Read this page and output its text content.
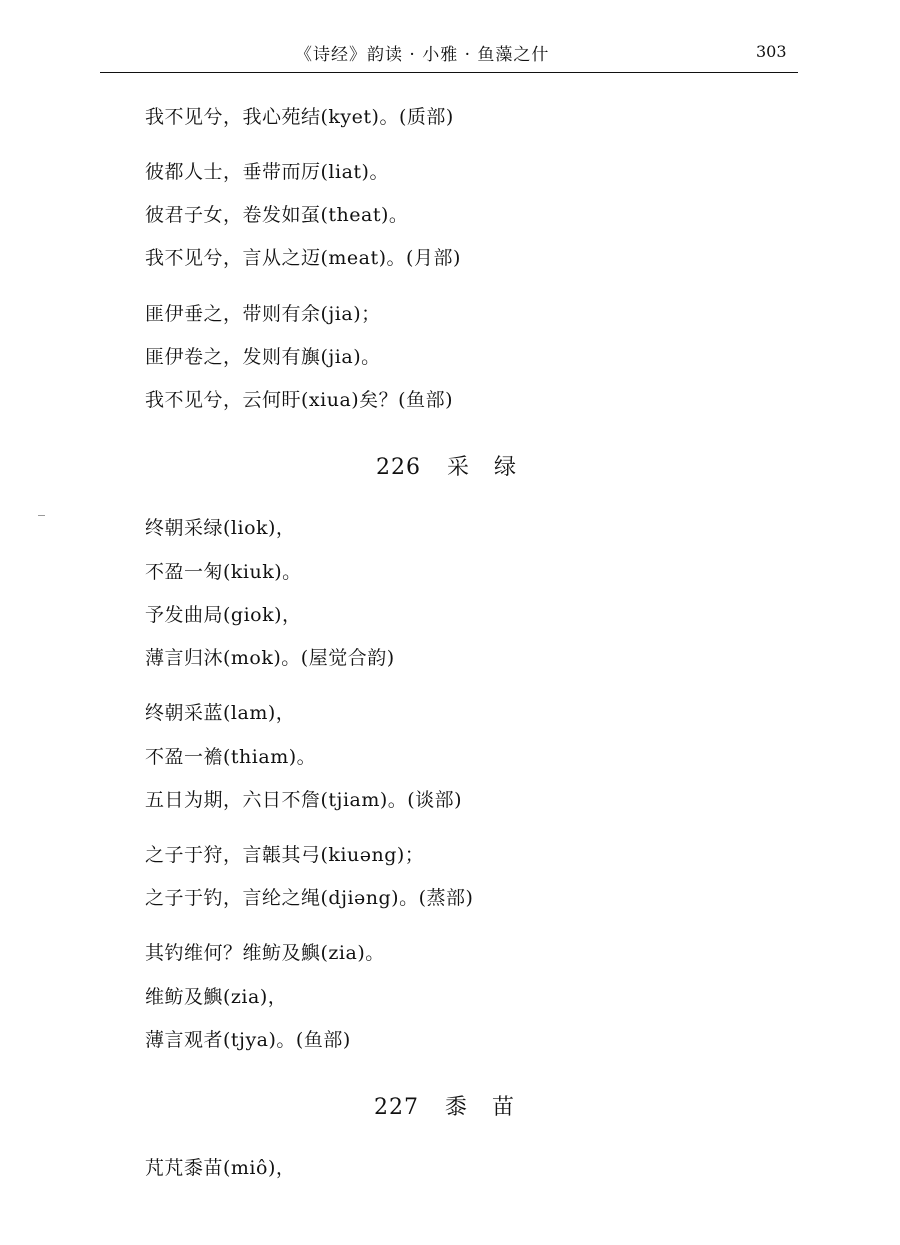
《诗经》韵读 · 小雅 · 鱼藻之什	303
我不见兮，我心苑结(kyet)。(质部)
彼都人士，垂带而厉(liat)。
彼君子女，卷发如虿(theat)。
我不见兮，言从之迈(meat)。(月部)
匪伊垂之，带则有余(jia)；
匪伊卷之，发则有旟(jia)。
我不见兮，云何盱(xiua)矣？(鱼部)
226 采 绿
终朝采绿(liok)，
不盈一匊(kiuk)。
予发曲局(giok)，
薄言归沐(mok)。(屋觉合韵)
终朝采蓝(lam)，
不盈一襜(thiam)。
五日为期，六日不詹(tjiam)。(谈部)
之子于狩，言韔其弓(kiuəng)；
之子于钓，言纶之绳(djiəng)。(蒸部)
其钓维何？维鲂及鱮(zia)。
维鲂及鱮(zia)，
薄言观者(tjya)。(鱼部)
227 黍 苗
芃芃黍苗(miô)，
